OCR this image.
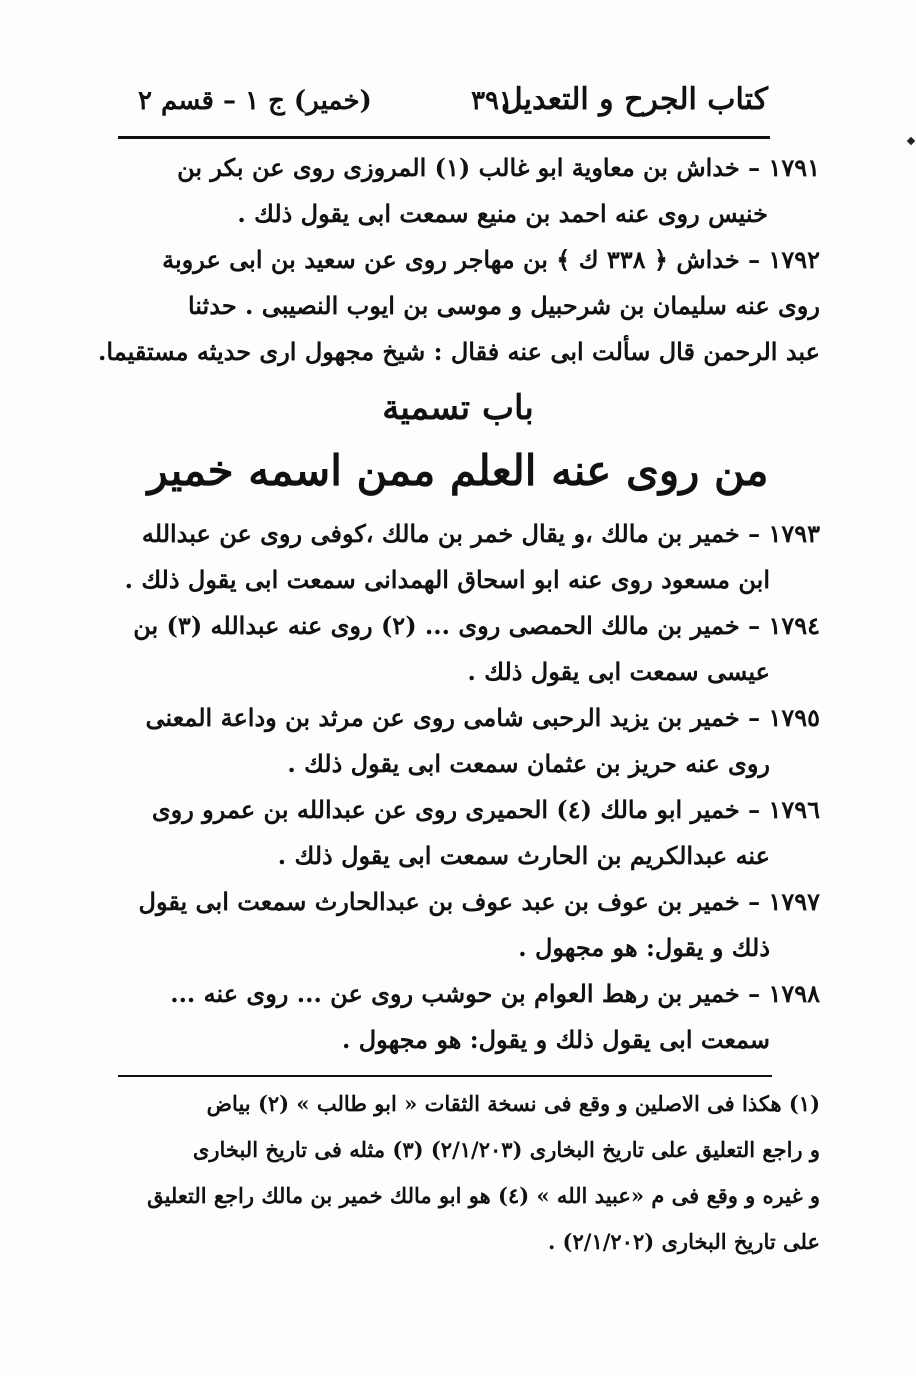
كتاب الجرح و التعديل
٣٩١
(خمير) ج ١ – قسم ٢
١٧٩١ – خداش بن معاوية ابو غالب (١) المروزى روى عن بكر بن
خنيس روى عنه احمد بن منيع سمعت ابى يقول ذلك .
١٧٩٢ – خداش ﴿ ٣٣٨ ك ﴾ بن مهاجر روى عن سعيد بن ابى عروبة
روى عنه سليمان بن شرحبيل و موسى بن ايوب النصيبى . حدثنا
عبد الرحمن قال سألت ابى عنه فقال : شيخ مجهول ارى حديثه مستقيما.
باب تسمية
من روى عنه العلم ممن اسمه خمير
١٧٩٣ – خمير بن مالك ،و يقال خمر بن مالك ،كوفى روى عن عبدالله
ابن مسعود روى عنه ابو اسحاق الهمدانى سمعت ابى يقول ذلك .
١٧٩٤ – خمير بن مالك الحمصى روى ... (٢) روى عنه عبدالله (٣) بن
عيسى سمعت ابى يقول ذلك .
١٧٩٥ – خمير بن يزيد الرحبى شامى روى عن مرثد بن وداعة المعنى
روى عنه حريز بن عثمان سمعت ابى يقول ذلك .
١٧٩٦ – خمير ابو مالك (٤) الحميرى روى عن عبدالله بن عمرو روى
عنه عبدالكريم بن الحارث سمعت ابى يقول ذلك .
١٧٩٧ – خمير بن عوف بن عبد عوف بن عبدالحارث سمعت ابى يقول
ذلك و يقول: هو مجهول .
١٧٩٨ – خمير بن رهط العوام بن حوشب روى عن ... روى عنه ...
سمعت ابى يقول ذلك و يقول: هو مجهول .
(١) هكذا فى الاصلين و وقع فى نسخة الثقات « ابو طالب » (٢) بياض
و راجع التعليق على تاريخ البخارى (٢/١/٢٠٣) (٣) مثله فى تاريخ البخارى
و غيره و وقع فى م «عبيد الله » (٤) هو ابو مالك خمير بن مالك راجع التعليق
على تاريخ البخارى (٢/١/٢٠٢) .
